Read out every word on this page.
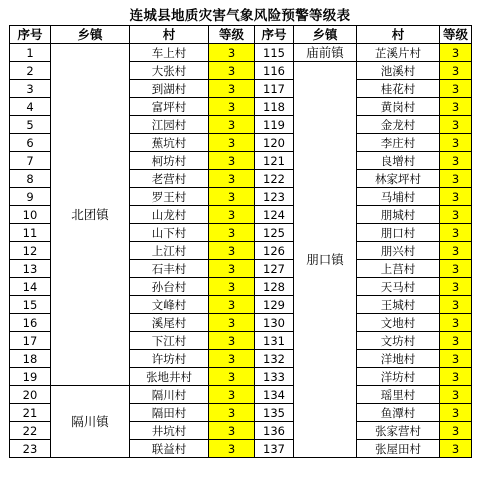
连城县地质灾害气象风险预警等级表
序号	乡镇	村	等级	序号	乡镇	村	等级
1	北团镇	车上村	3	115	庙前镇	芷溪片村	3
2		大张村	3	116	朋口镇	池溪村	3
3		到湖村	3	117		桂花村	3
4		富坪村	3	118		黄岗村	3
5		江园村	3	119		金龙村	3
6		蕉坑村	3	120		李庄村	3
7		柯坊村	3	121		良增村	3
8		老营村	3	122		林家坪村	3
9		罗王村	3	123		马埔村	3
10		山龙村	3	124		朋城村	3
11		山下村	3	125		朋口村	3
12		上江村	3	126		朋兴村	3
13		石丰村	3	127		上莒村	3
14		孙台村	3	128		天马村	3
15		文峰村	3	129		王城村	3
16		溪尾村	3	130		文地村	3
17		下江村	3	131		文坊村	3
18		许坊村	3	132		洋地村	3
19		张地井村	3	133		洋坊村	3
20	隔川镇	隔川村	3	134		瑶里村	3
21		隔田村	3	135		鱼潭村	3
22		井坑村	3	136		张家营村	3
23		联益村	3	137		张屋田村	3
